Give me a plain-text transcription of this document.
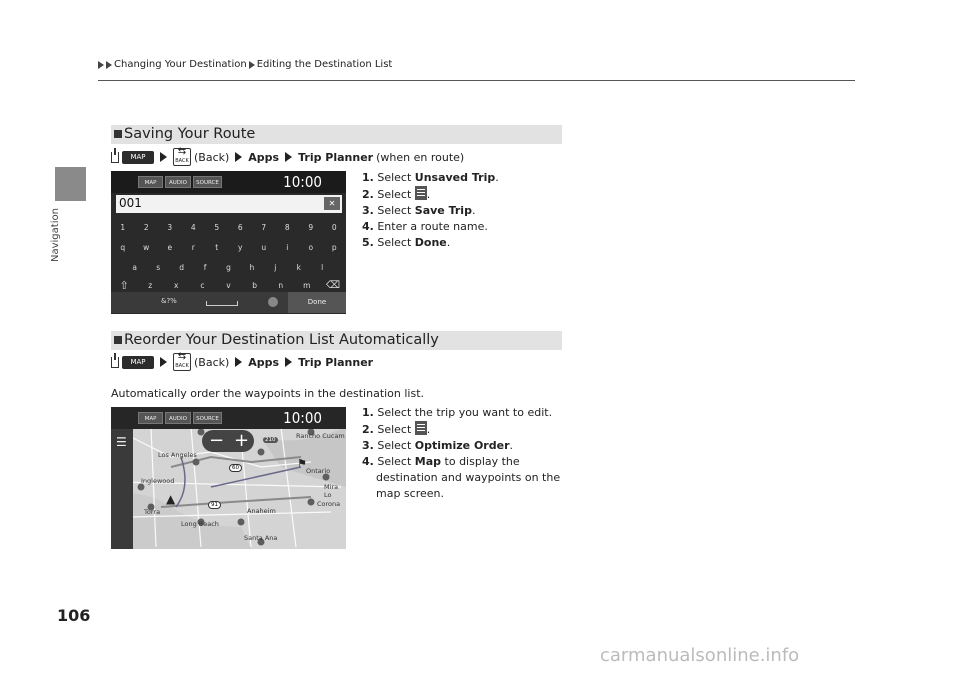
Changing Your Destination Editing the Destination List
Navigation
Saving Your Route
MAP
⇆ BACK (Back) Apps Trip Planner (when en route)
MAP	AUDIO	SOURCE	10:00
001	✕
1	2	3	4	5	6	7	8	9	0
q	w	e	r	t	y	u	i	o	p
a	s	d	f	g	h	j	k	l
⇧	z	x	c	v	b	n	m	⌫
&?%	Done
1. Select Unsaved Trip.
2. Select .
3. Select Save Trip.
4. Enter a route name.
5. Select Done.
Reorder Your Destination List Automatically
MAP
⇆ BACK (Back) Apps Trip Planner
Automatically order the waypoints in the destination list.
MAP	AUDIO	SOURCE	10:00
☰	− +	Rancho Cucam
Los Angeles
Ontario
Mira Lo
Inglewood
Corona
Torra	Anaheim
Long Beach
Santa Ana
210
60
91
▲
⚑
1. Select the trip you want to edit.
2. Select .
3. Select Optimize Order.
4. Select Map to display the destination and waypoints on the map screen.
106
carmanualsonline.info
